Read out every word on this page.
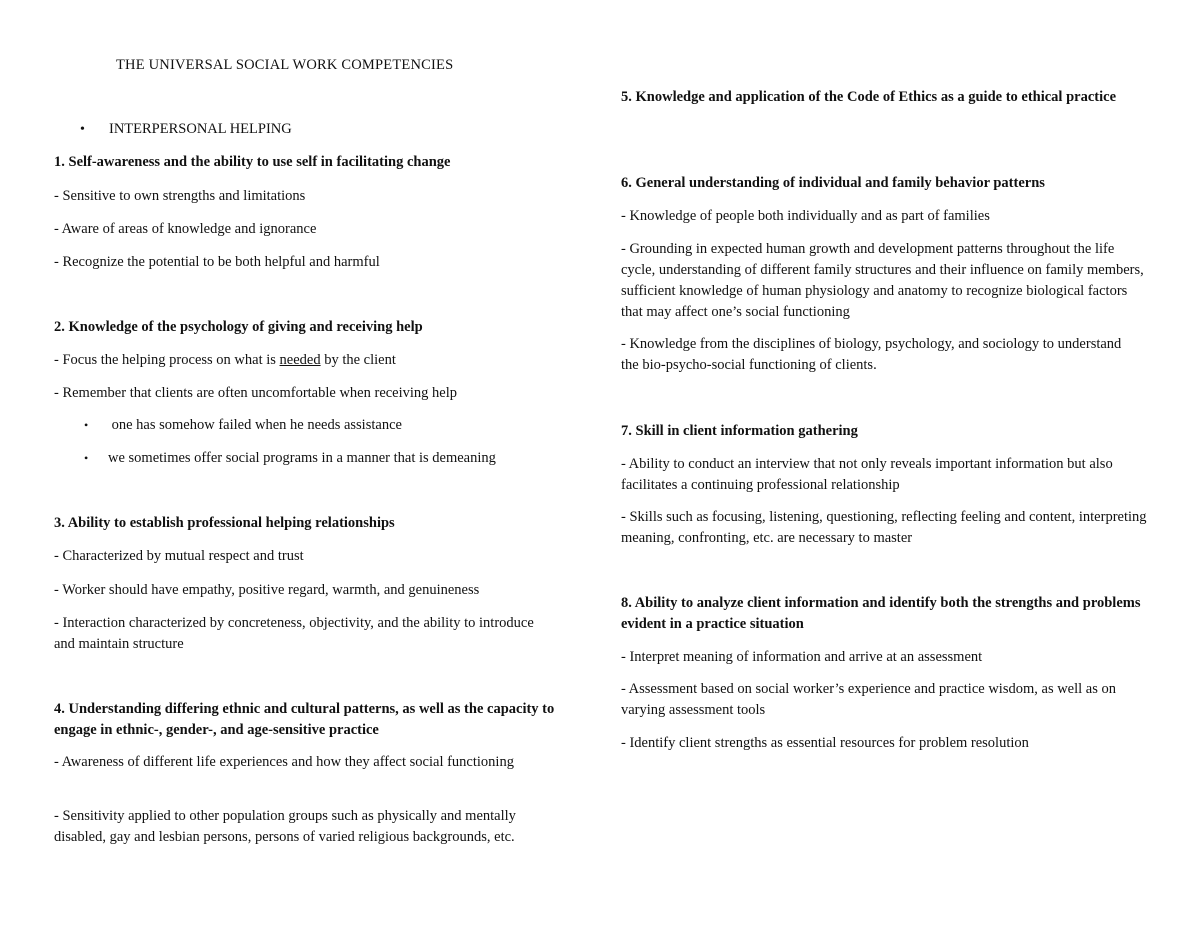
THE UNIVERSAL SOCIAL WORK COMPETENCIES
• INTERPERSONAL HELPING
1. Self-awareness and the ability to use self in facilitating change

- Sensitive to own strengths and limitations

- Aware of areas of knowledge and ignorance

- Recognize the potential to be both helpful and harmful

2. Knowledge of the psychology of giving and receiving help

- Focus the helping process on what is needed by the client

- Remember that clients are often uncomfortable when receiving help

• one has somehow failed when he needs assistance
• we sometimes offer social programs in a manner that is demeaning
3. Ability to establish professional helping relationships

- Characterized by mutual respect and trust

- Worker should have empathy, positive regard, warmth, and genuineness

- Interaction characterized by concreteness, objectivity, and the ability to introduce and maintain structure

4. Understanding differing ethnic and cultural patterns, as well as the capacity to engage in ethnic-, gender-, and age-sensitive practice

- Awareness of different life experiences and how they affect social functioning

- Sensitivity applied to other population groups such as physically and mentally disabled, gay and lesbian persons, persons of varied religious backgrounds, etc.

5. Knowledge and application of the Code of Ethics as a guide to ethical practice
6. General understanding of individual and family behavior patterns

- Knowledge of people both individually and as part of families

- Grounding in expected human growth and development patterns throughout the life cycle, understanding of different family structures and their influence on family members, sufficient knowledge of human physiology and anatomy to recognize biological factors that may affect one’s social functioning

- Knowledge from the disciplines of biology, psychology, and sociology to understand the bio-psycho-social functioning of clients.

7. Skill in client information gathering

- Ability to conduct an interview that not only reveals important information but also facilitates a continuing professional relationship

- Skills such as focusing, listening, questioning, reflecting feeling and content, interpreting meaning, confronting, etc. are necessary to master

8. Ability to analyze client information and identify both the strengths and problems evident in a practice situation

- Interpret meaning of information and arrive at an assessment

- Assessment based on social worker’s experience and practice wisdom, as well as on varying assessment tools

- Identify client strengths as essential resources for problem resolution
